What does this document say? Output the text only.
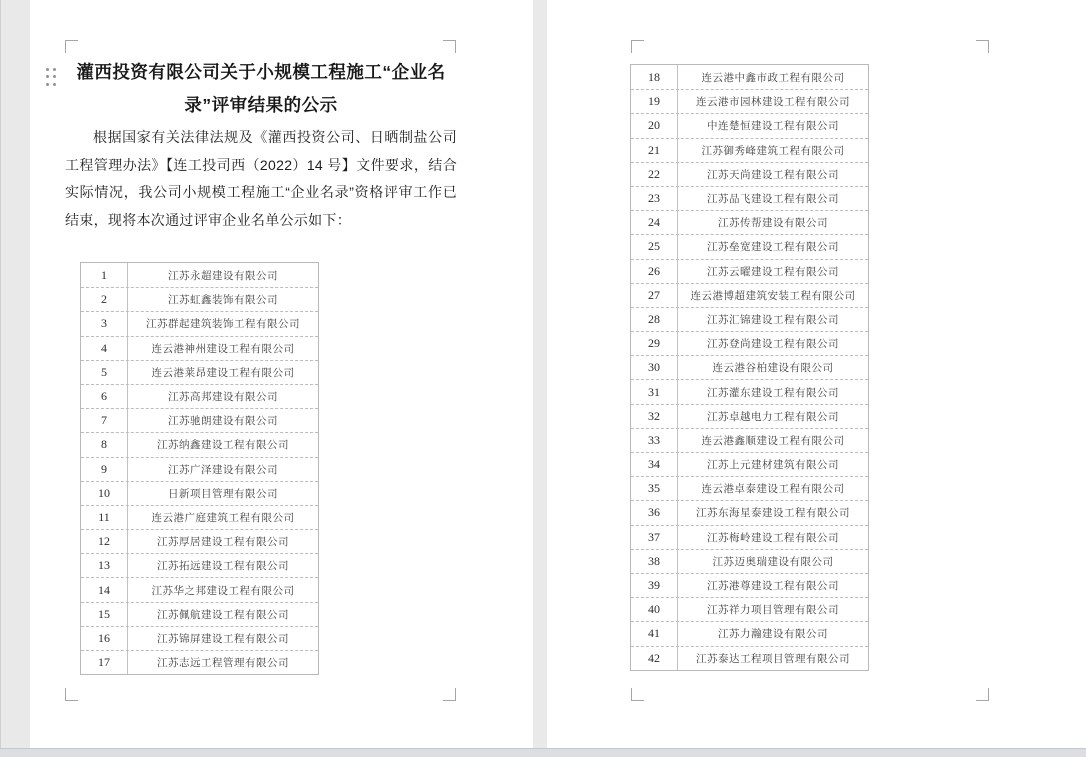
灌西投资有限公司关于小规模工程施工“企业名录”评审结果的公示
根据国家有关法律法规及《灌西投资公司、日晒制盐公司工程管理办法》【连工投司西（2022）14 号】文件要求，结合实际情况，我公司小规模工程施工“企业名录”资格评审工作已结束，现将本次通过评审企业名单公示如下：
1	江苏永超建设有限公司
2	江苏虹鑫装饰有限公司
3	江苏群起建筑装饰工程有限公司
4	连云港神州建设工程有限公司
5	连云港莱昂建设工程有限公司
6	江苏高邦建设有限公司
7	江苏驰朗建设有限公司
8	江苏纳鑫建设工程有限公司
9	江苏广泽建设有限公司
10	日新项目管理有限公司
11	连云港广庭建筑工程有限公司
12	江苏厚居建设工程有限公司
13	江苏拓远建设工程有限公司
14	江苏华之邦建设工程有限公司
15	江苏佩航建设工程有限公司
16	江苏锦屏建设工程有限公司
17	江苏志远工程管理有限公司
18	连云港中鑫市政工程有限公司
19	连云港市园林建设工程有限公司
20	中连楚恒建设工程有限公司
21	江苏御秀峰建筑工程有限公司
22	江苏天尚建设工程有限公司
23	江苏品飞建设工程有限公司
24	江苏传帮建设有限公司
25	江苏垒宽建设工程有限公司
26	江苏云曜建设工程有限公司
27	连云港博超建筑安装工程有限公司
28	江苏汇锦建设工程有限公司
29	江苏登尚建设工程有限公司
30	连云港谷柏建设有限公司
31	江苏灌东建设工程有限公司
32	江苏卓越电力工程有限公司
33	连云港鑫顺建设工程有限公司
34	江苏上元建材建筑有限公司
35	连云港卓泰建设工程有限公司
36	江苏东海星泰建设工程有限公司
37	江苏梅岭建设工程有限公司
38	江苏迈奥瑞建设有限公司
39	江苏港尊建设工程有限公司
40	江苏祥力项目管理有限公司
41	江苏力瀚建设有限公司
42	江苏泰达工程项目管理有限公司
